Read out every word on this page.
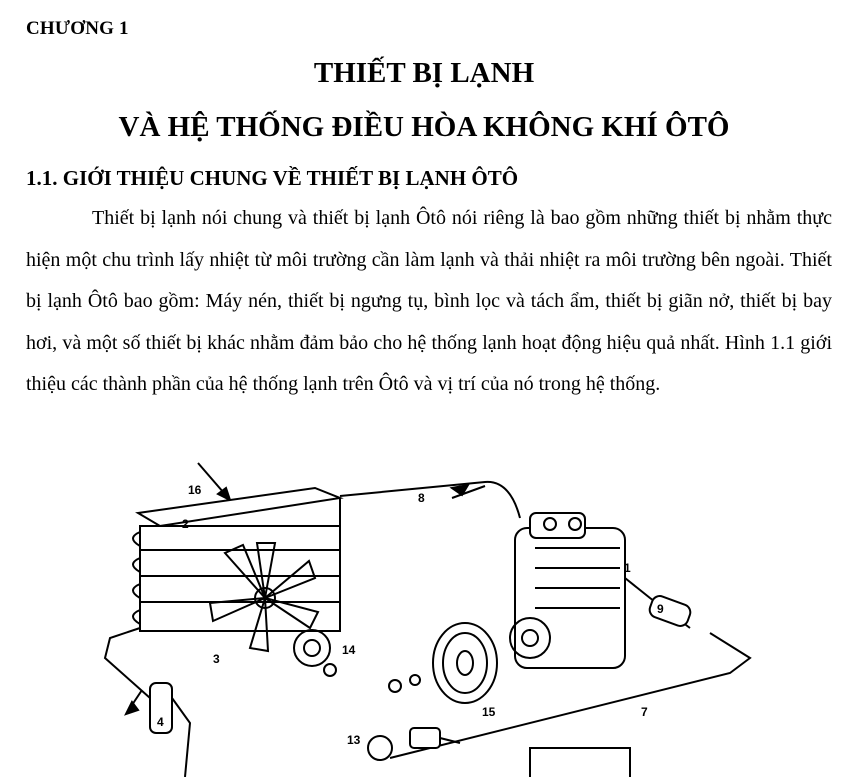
CHƯƠNG 1
THIẾT BỊ LẠNH
VÀ HỆ THỐNG ĐIỀU HÒA KHÔNG KHÍ ÔTÔ
1.1. GIỚI THIỆU CHUNG VỀ THIẾT BỊ LẠNH ÔTÔ

Thiết bị lạnh nói chung và thiết bị lạnh Ôtô nói riêng là bao gồm những thiết bị nhằm thực hiện một chu trình lấy nhiệt từ môi trường cần làm lạnh và thải nhiệt ra môi trường bên ngoài. Thiết bị lạnh Ôtô bao gồm: Máy nén, thiết bị ngưng tụ, bình lọc và tách ẩm, thiết bị giãn nở, thiết bị bay hơi, và một số thiết bị khác nhằm đảm bảo cho hệ thống lạnh hoạt động hiệu quả nhất. Hình 1.1 giới thiệu các thành phần của hệ thống lạnh trên Ôtô và vị trí của nó trong hệ thống.

16
2
8
1
9
3
14
4
15	7
13
